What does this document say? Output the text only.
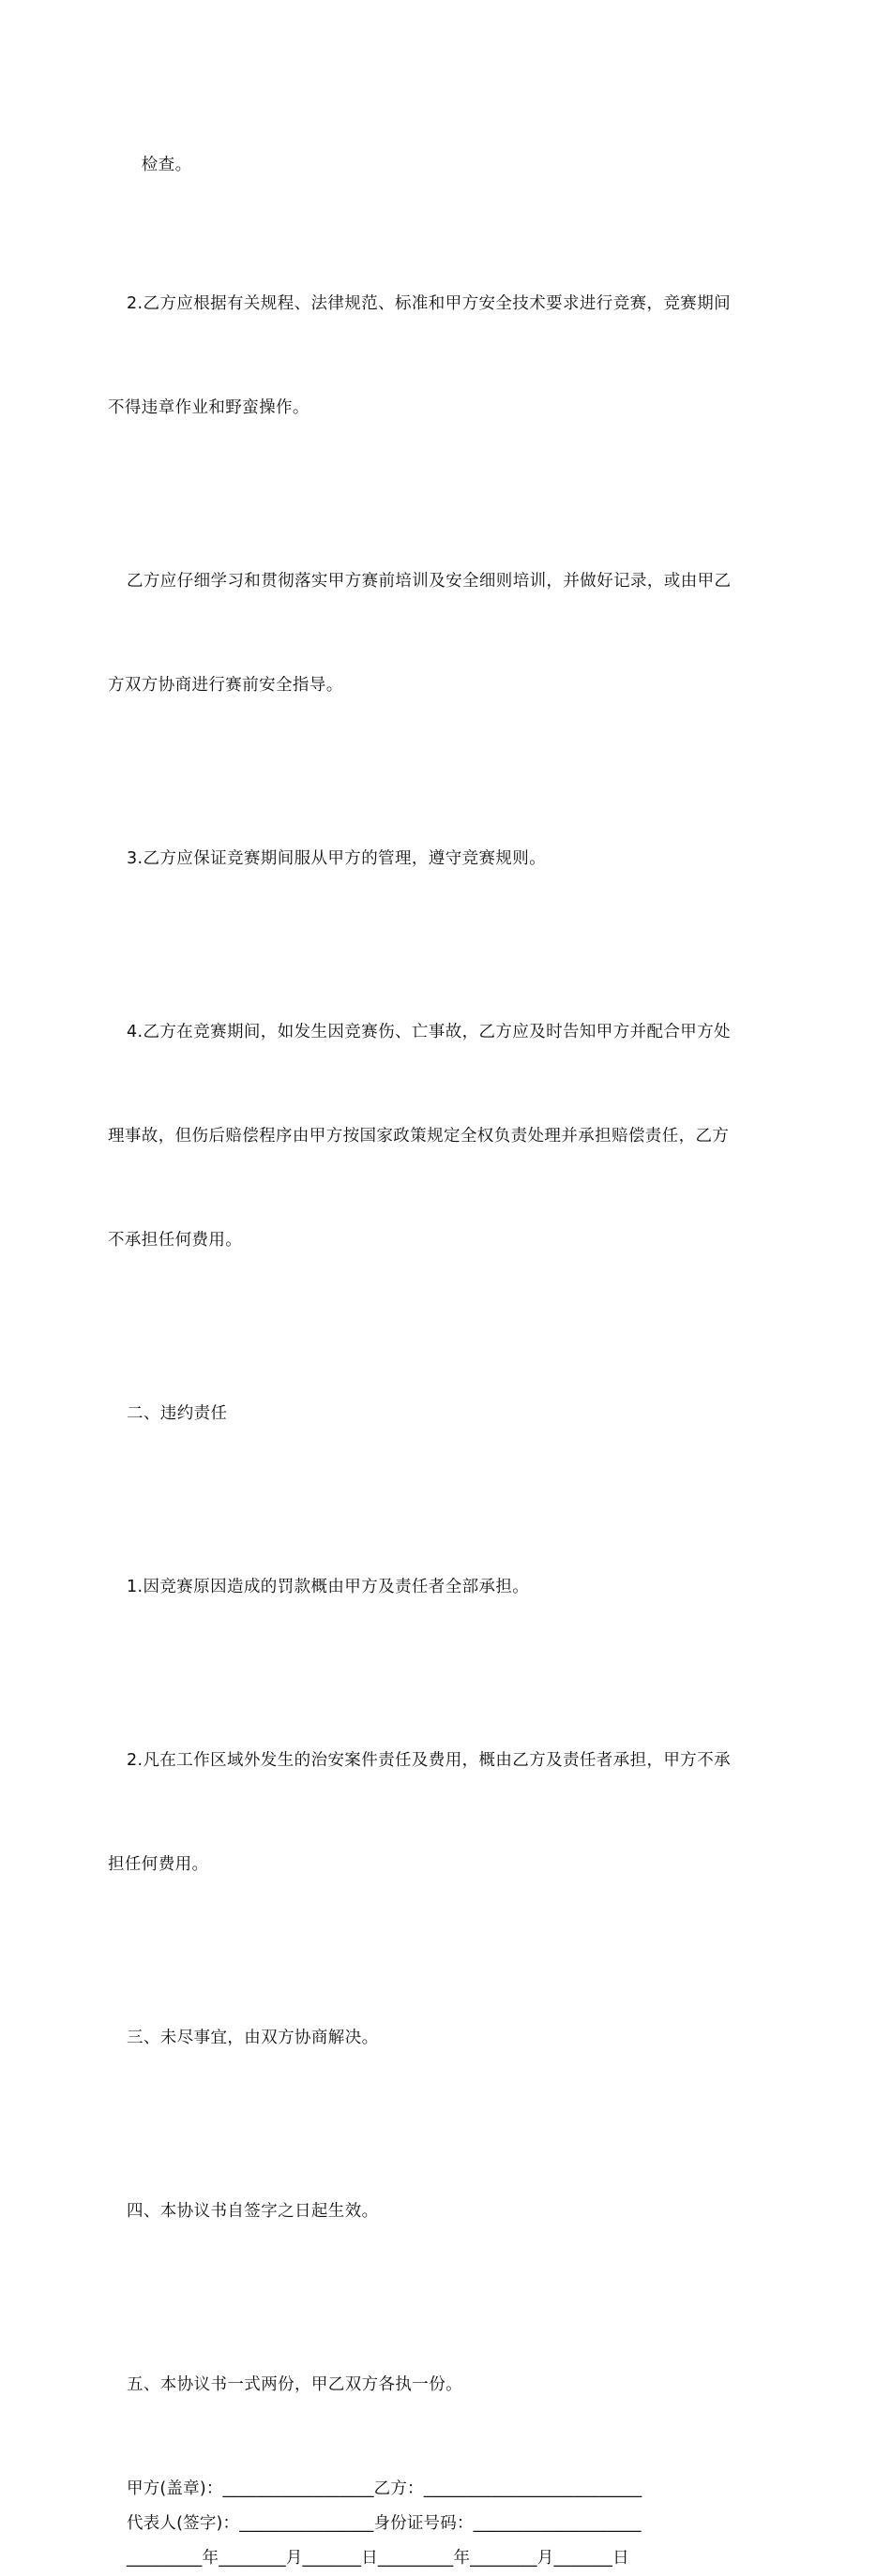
检查。

2.乙方应根据有关规程、法律规范、标准和甲方安全技术要求进行竞赛，竞赛期间

不得违章作业和野蛮操作。

乙方应仔细学习和贯彻落实甲方赛前培训及安全细则培训，并做好记录，或由甲乙

方双方协商进行赛前安全指导。

3.乙方应保证竞赛期间服从甲方的管理，遵守竞赛规则。

4.乙方在竞赛期间，如发生因竞赛伤、亡事故，乙方应及时告知甲方并配合甲方处

理事故，但伤后赔偿程序由甲方按国家政策规定全权负责处理并承担赔偿责任，乙方

不承担任何费用。

二、违约责任

1.因竞赛原因造成的罚款概由甲方及责任者全部承担。

2.凡在工作区域外发生的治安案件责任及费用，概由乙方及责任者承担，甲方不承

担任何费用。

三、未尽事宜，由双方协商解决。

四、本协议书自签字之日起生效。

五、本协议书一式两份，甲乙双方各执一份。

甲方(盖章)：__________________乙方：__________________________
代表人(签字)：________________身份证号码：____________________
_________年________月_______日_________年________月_______日
